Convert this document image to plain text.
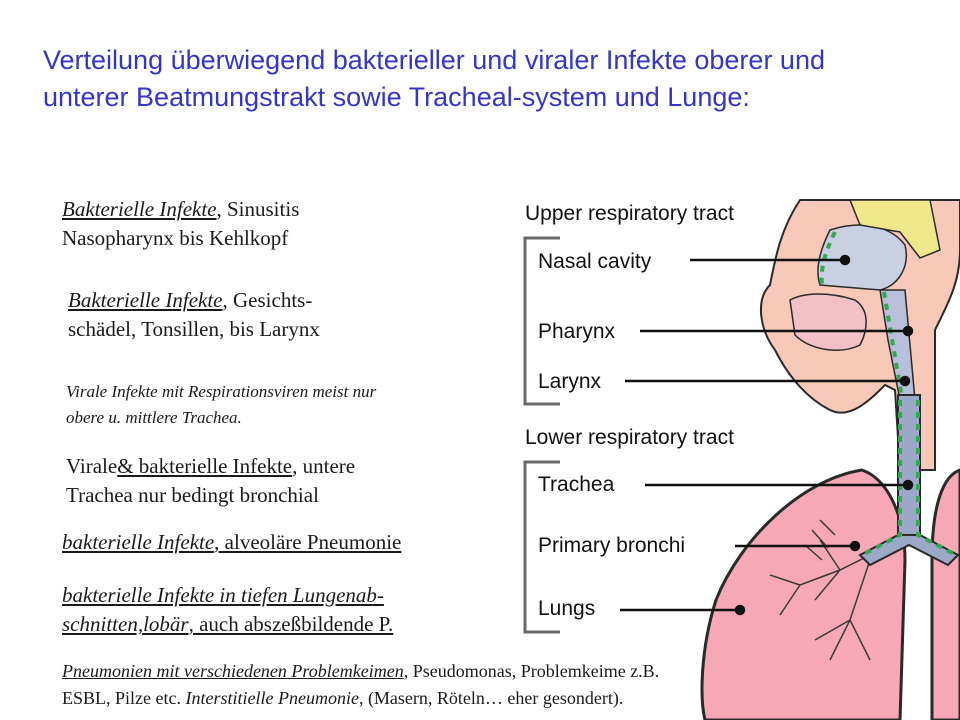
Verteilung überwiegend bakterieller und viraler Infekte oberer und unterer Beatmungstrakt sowie Tracheal-system und Lunge:
Upper respiratory tract
Lower respiratory tract
Nasal cavity
Pharynx
Larynx
Trachea
Primary bronchi
Lungs
Bakterielle Infekte, Sinusitis
Nasopharynx bis Kehlkopf
Bakterielle Infekte, Gesichts-
schädel, Tonsillen, bis Larynx
Virale Infekte mit Respirationsviren meist nur
obere u. mittlere Trachea.
Virale& bakterielle Infekte, untere
Trachea nur bedingt bronchial
bakterielle Infekte, alveoläre Pneumonie
bakterielle Infekte in tiefen Lungenab-
schnitten,lobär, auch abszeßbildende P.
Pneumonien mit verschiedenen Problemkeimen, Pseudomonas, Problemkeime z.B.
ESBL, Pilze etc. Interstitielle Pneumonie, (Masern, Röteln… eher gesondert).
